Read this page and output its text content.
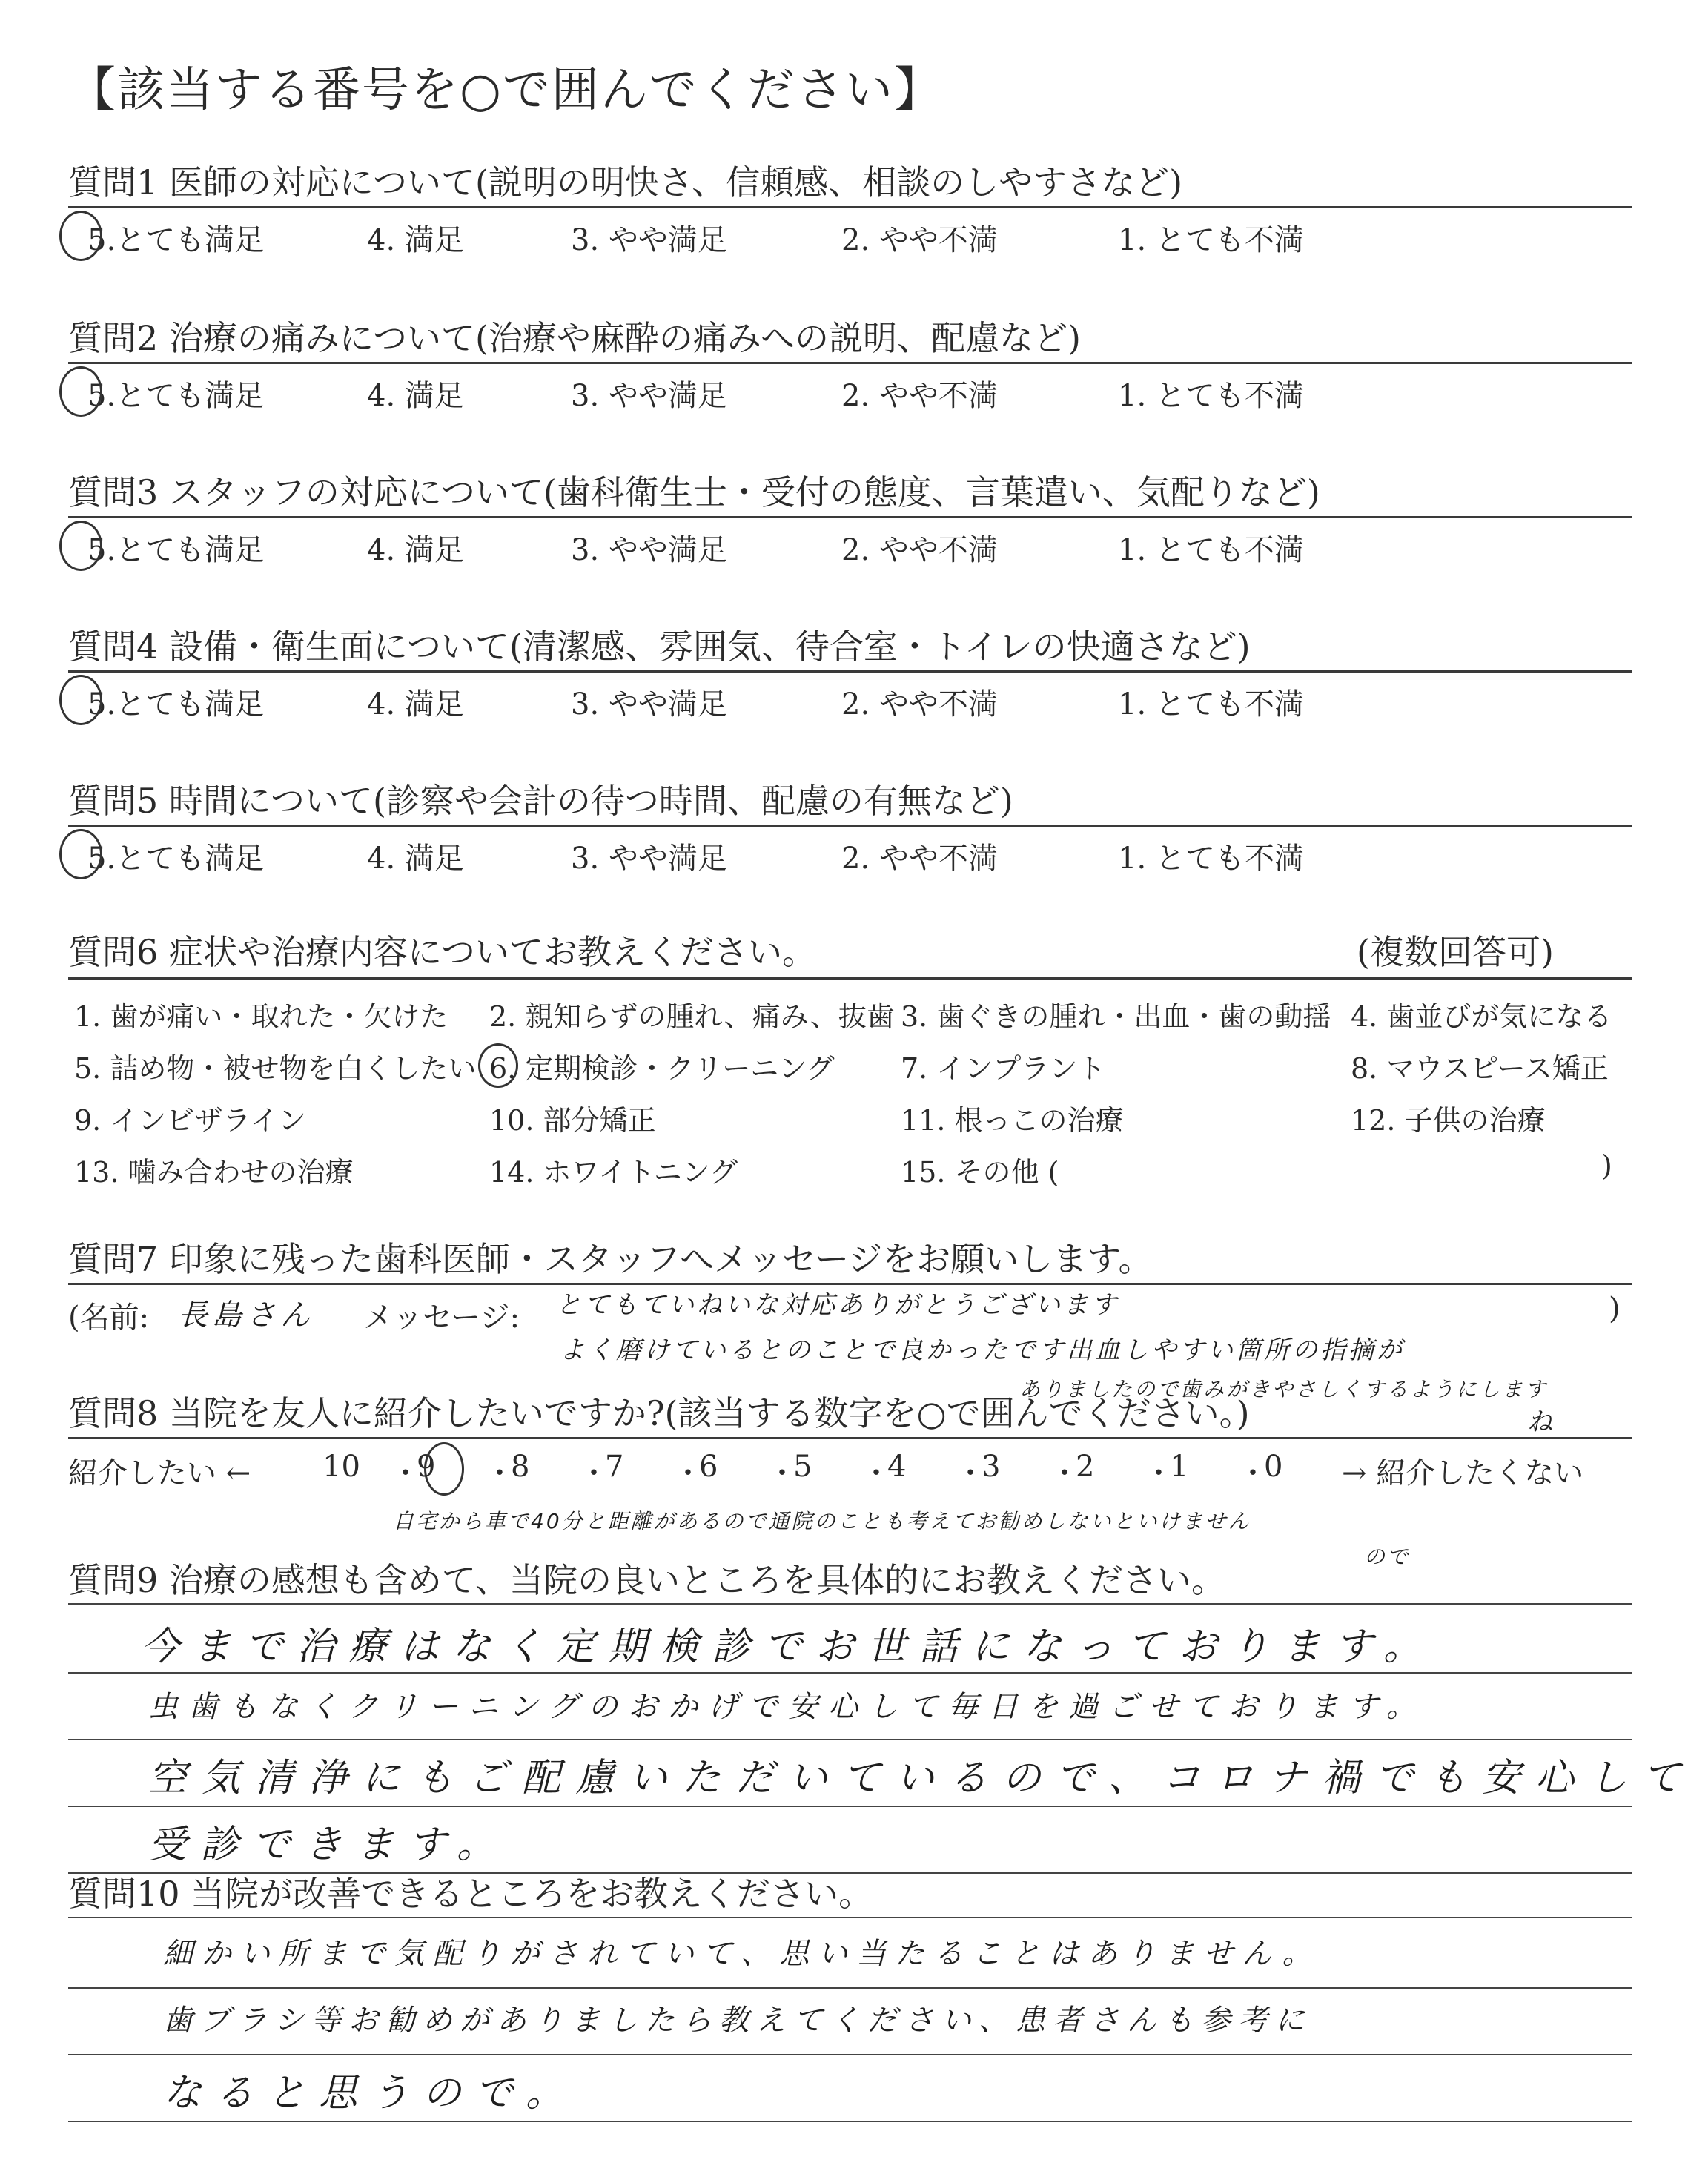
【該当する番号を○で囲んでください】
質問1 医師の対応について(説明の明快さ、信頼感、相談のしやすさなど)
5.とても満足	4. 満足	3. やや満足	2. やや不満	1. とても不満
質問2 治療の痛みについて(治療や麻酔の痛みへの説明、配慮など)
5.とても満足	4. 満足	3. やや満足	2. やや不満	1. とても不満
質問3 スタッフの対応について(歯科衛生士・受付の態度、言葉遣い、気配りなど)
5.とても満足	4. 満足	3. やや満足	2. やや不満	1. とても不満
質問4 設備・衛生面について(清潔感、雰囲気、待合室・トイレの快適さなど)
5.とても満足	4. 満足	3. やや満足	2. やや不満	1. とても不満
質問5 時間について(診察や会計の待つ時間、配慮の有無など)
5.とても満足	4. 満足	3. やや満足	2. やや不満	1. とても不満
質問6 症状や治療内容についてお教えください。	(複数回答可)
1. 歯が痛い・取れた・欠けた 2. 親知らずの腫れ、痛み、抜歯 3. 歯ぐきの腫れ・出血・歯の動揺 4. 歯並びが気になる
5. 詰め物・被せ物を白くしたい 6. 定期検診・クリーニング 7. インプラント	8. マウスピース矯正
9. インビザライン	10. 部分矯正	11. 根っこの治療	12. 子供の治療
13. 噛み合わせの治療	14. ホワイトニング	15. その他 (	)
質問7 印象に残った歯科医師・スタッフへメッセージをお願いします。
(名前: 長島さん メッセージ: とてもていねいな対応ありがとうございます	)
よく磨けているとのことで良かったです出血しやすい箇所の指摘が
ありましたので歯みがきやさしくするようにします
ね
質問8 当院を友人に紹介したいですか?(該当する数字を○で囲んでください。)
紹介したい ← 10 ・
9 ・
8 ・
7 ・
6 ・
5 ・
4 ・
3 ・
2 ・
1 ・
0 → 紹介したくない
自宅から車で40分と距離があるので通院のことも考えてお勧めしないといけません
ので
質問9 治療の感想も含めて、当院の良いところを具体的にお教えください。
今まで治療はなく定期検診でお世話になっております。
虫歯もなくクリーニングのおかげで安心して毎日を過ごせております。
空気清浄にもご配慮いただいているので、コロナ禍でも安心して
受診できます。
質問10 当院が改善できるところをお教えください。
細かい所まで気配りがされていて、思い当たることはありません。
歯ブラシ等お勧めがありましたら教えてください、患者さんも参考に
なると思うので。
